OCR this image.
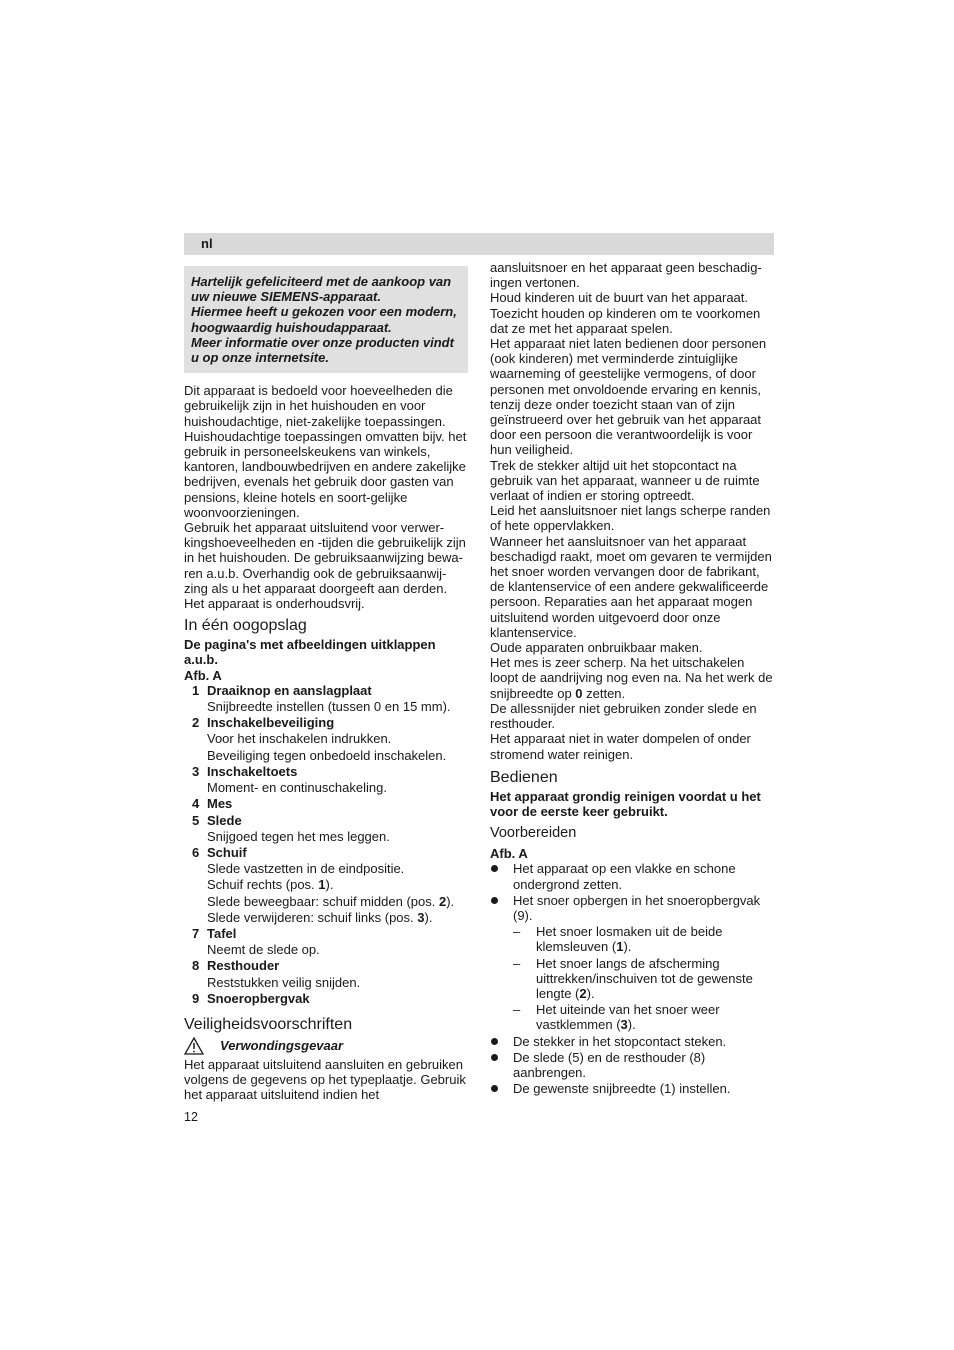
nl

Hartelijk gefeliciteerd met de aankoop van uw nieuwe SIEMENS-apparaat.

Hiermee heeft u gekozen voor een modern, hoogwaardig huishoudapparaat.

Meer informatie over onze producten vindt u op onze internetsite.

Dit apparaat is bedoeld voor hoeveelheden die gebruikelijk zijn in het huishouden en voor huishoudachtige, niet-zakelijke toepassingen. Huishoudachtige toepassingen omvatten bijv. het gebruik in personeelskeukens van winkels, kantoren, landbouwbedrijven en andere zakelijke bedrijven, evenals het gebruik door gasten van pensions, kleine hotels en soort-gelijke woonvoorzieningen.

Gebruik het apparaat uitsluitend voor verwer-kingshoeveelheden en -tijden die gebruikelijk zijn in het huishouden. De gebruiksaanwijzing bewa-ren a.u.b. Overhandig ook de gebruiksaanwij-zing als u het apparaat doorgeeft aan derden.

Het apparaat is onderhoudsvrij.

In één oogopslag

De pagina's met afbeeldingen uitklappen a.u.b.

Afb. A

1 Draaiknop en aanslagplaat
Snijbreedte instellen (tussen 0 en 15 mm).
2 Inschakelbeveiliging
Voor het inschakelen indrukken.
Beveiliging tegen onbedoeld inschakelen.
3 Inschakeltoets
Moment- en continuschakeling.
4 Mes
5 Slede
Snijgoed tegen het mes leggen.
6 Schuif
Slede vastzetten in de eindpositie.
Schuif rechts (pos. 1).
Slede beweegbaar: schuif midden (pos. 2).
Slede verwijderen: schuif links (pos. 3).
7 Tafel
Neemt de slede op.
8 Resthouder
Reststukken veilig snijden.
9 Snoeropbergvak
Veiligheidsvoorschriften
Verwondingsgevaar

Het apparaat uitsluitend aansluiten en gebruiken volgens de gegevens op het typeplaatje. Gebruik het apparaat uitsluitend indien het

aansluitsnoer en het apparaat geen beschadig-ingen vertonen.

Houd kinderen uit de buurt van het apparaat.

Toezicht houden op kinderen om te voorkomen dat ze met het apparaat spelen.

Het apparaat niet laten bedienen door personen (ook kinderen) met verminderde zintuiglijke waarneming of geestelijke vermogens, of door personen met onvoldoende ervaring en kennis, tenzij deze onder toezicht staan van of zijn geïnstrueerd over het gebruik van het apparaat door een persoon die verantwoordelijk is voor hun veiligheid.

Trek de stekker altijd uit het stopcontact na gebruik van het apparaat, wanneer u de ruimte verlaat of indien er storing optreedt.

Leid het aansluitsnoer niet langs scherpe randen of hete oppervlakken.

Wanneer het aansluitsnoer van het apparaat beschadigd raakt, moet om gevaren te vermijden het snoer worden vervangen door de fabrikant, de klantenservice of een andere gekwalificeerde persoon. Reparaties aan het apparaat mogen uitsluitend worden uitgevoerd door onze klantenservice.

Oude apparaten onbruikbaar maken.

Het mes is zeer scherp. Na het uitschakelen loopt de aandrijving nog even na. Na het werk de snijbreedte op 0 zetten.

De allessnijder niet gebruiken zonder slede en resthouder.

Het apparaat niet in water dompelen of onder stromend water reinigen.

Bedienen

Het apparaat grondig reinigen voordat u het voor de eerste keer gebruikt.

Voorbereiden

Afb. A

Het apparaat op een vlakke en schone ondergrond zetten.
Het snoer opbergen in het snoeropbergvak (9).
– Het snoer losmaken uit de beide klemsleuven (1).
– Het snoer langs de afscherming uittrekken/inschuiven tot de gewenste lengte (2).
– Het uiteinde van het snoer weer vastklemmen (3).
De stekker in het stopcontact steken.
De slede (5) en de resthouder (8) aanbrengen.
De gewenste snijbreedte (1) instellen.
12
